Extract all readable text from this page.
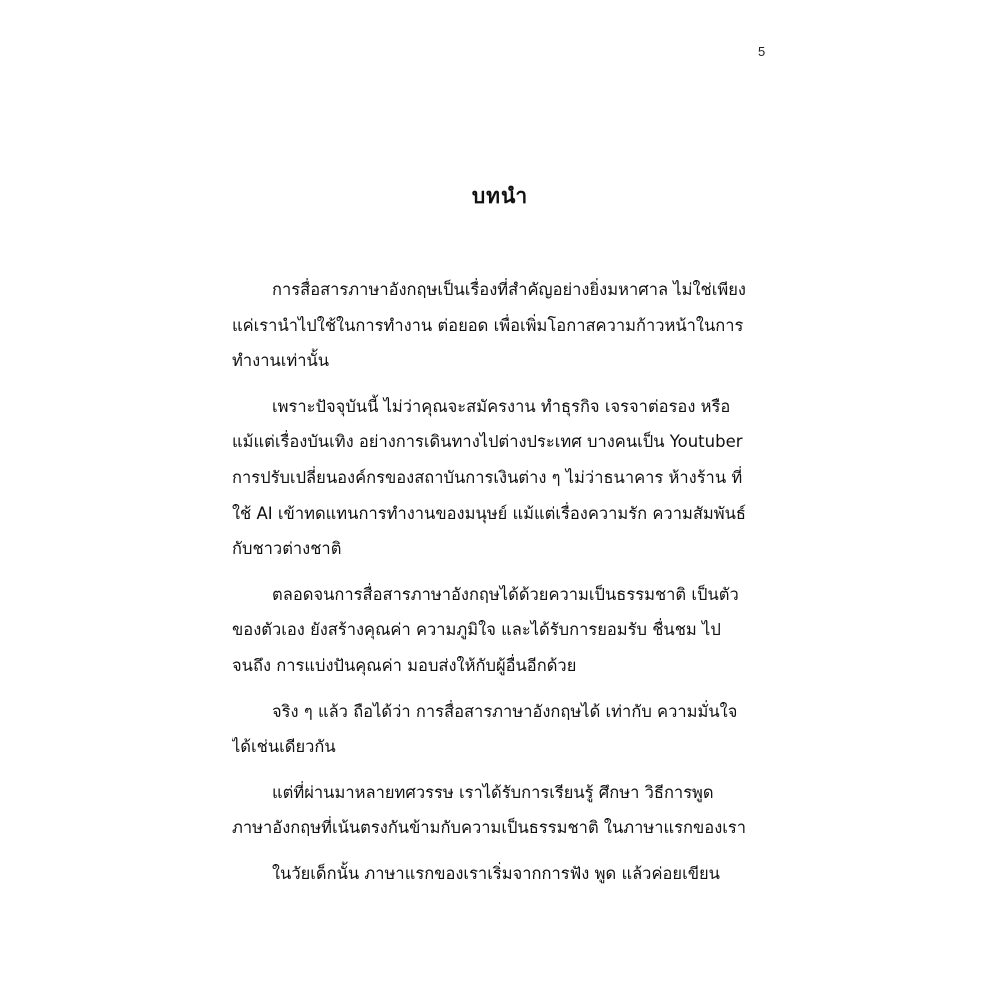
5
บทนำ
การสื่อสารภาษาอังกฤษเป็นเรื่องที่สำคัญอย่างยิ่งมหาศาล ไม่ใช่เพียง
แค่เรานำไปใช้ในการทำงาน ต่อยอด เพื่อเพิ่มโอกาสความก้าวหน้าในการ
ทำงานเท่านั้น
เพราะปัจจุบันนี้ ไม่ว่าคุณจะสมัครงาน ทำธุรกิจ เจรจาต่อรอง หรือ
แม้แต่เรื่องบันเทิง อย่างการเดินทางไปต่างประเทศ บางคนเป็น Youtuber
การปรับเปลี่ยนองค์กรของสถาบันการเงินต่าง ๆ ไม่ว่าธนาคาร ห้างร้าน ที่
ใช้ AI เข้าทดแทนการทำงานของมนุษย์ แม้แต่เรื่องความรัก ความสัมพันธ์
กับชาวต่างชาติ
ตลอดจนการสื่อสารภาษาอังกฤษได้ด้วยความเป็นธรรมชาติ เป็นตัว
ของตัวเอง ยังสร้างคุณค่า ความภูมิใจ และได้รับการยอมรับ ชื่นชม ไป
จนถึง การแบ่งปันคุณค่า มอบส่งให้กับผู้อื่นอีกด้วย
จริง ๆ แล้ว ถือได้ว่า การสื่อสารภาษาอังกฤษได้ เท่ากับ ความมั่นใจ
ได้เช่นเดียวกัน
แต่ที่ผ่านมาหลายทศวรรษ เราได้รับการเรียนรู้ ศึกษา วิธีการพูด
ภาษาอังกฤษที่เน้นตรงกันข้ามกับความเป็นธรรมชาติ ในภาษาแรกของเรา
ในวัยเด็กนั้น ภาษาแรกของเราเริ่มจากการฟัง พูด แล้วค่อยเขียน
